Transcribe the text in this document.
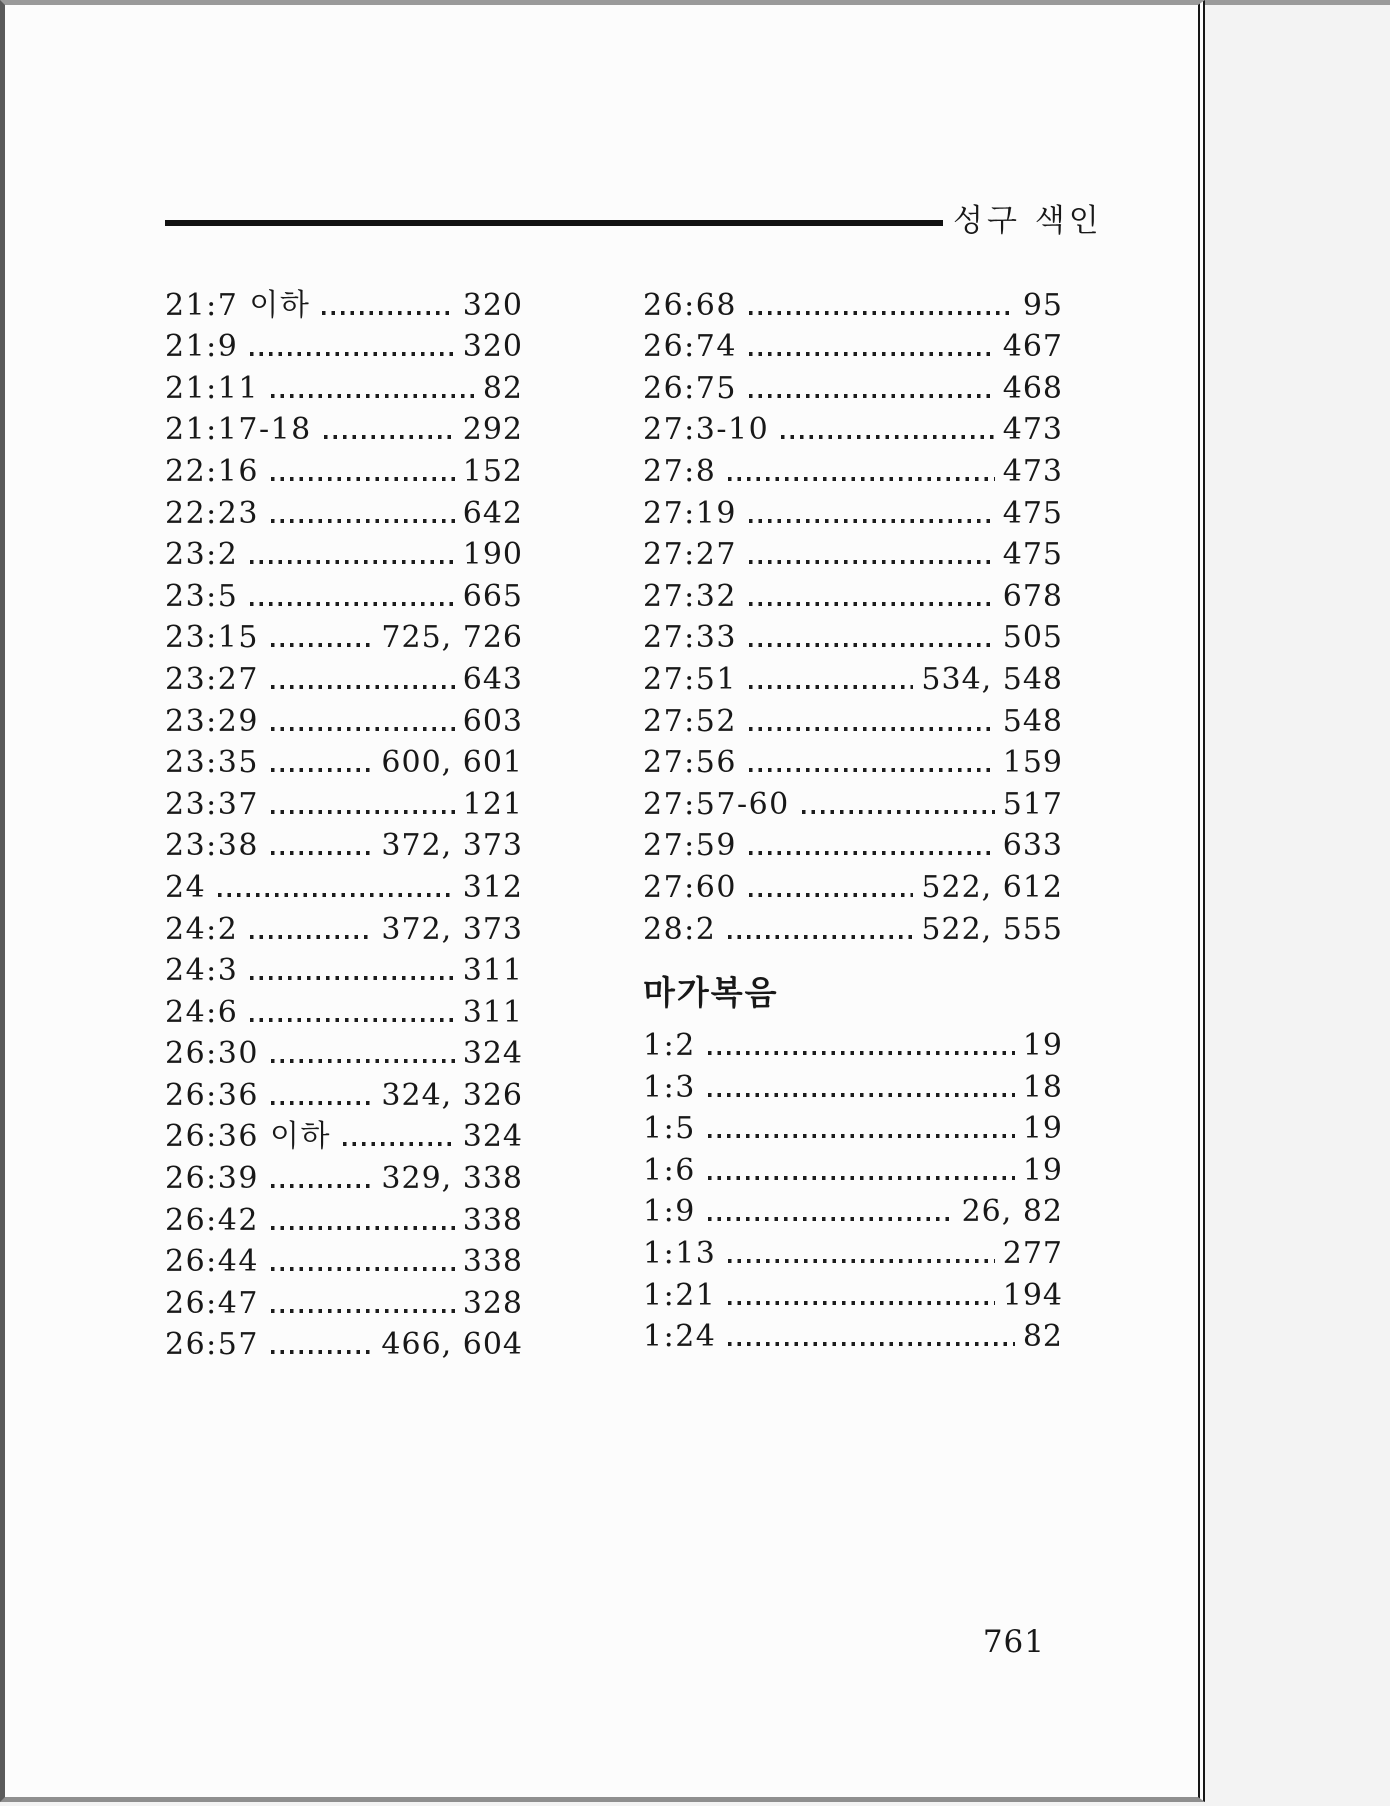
성구 색인
21:7 이하	320
21:9	320
21:11	82
21:17-18	292
22:16	152
22:23	642
23:2	190
23:5	665
23:15	725, 726
23:27	643
23:29	603
23:35	600, 601
23:37	121
23:38	372, 373
24	312
24:2	372, 373
24:3	311
24:6	311
26:30	324
26:36	324, 326
26:36 이하	324
26:39	329, 338
26:42	338
26:44	338
26:47	328
26:57	466, 604
26:68	95
26:74	467
26:75	468
27:3-10	473
27:8	473
27:19	475
27:27	475
27:32	678
27:33	505
27:51	534, 548
27:52	548
27:56	159
27:57-60	517
27:59	633
27:60	522, 612
28:2	522, 555
마가복음
1:2	19
1:3	18
1:5	19
1:6	19
1:9	26, 82
1:13	277
1:21	194
1:24	82
761
